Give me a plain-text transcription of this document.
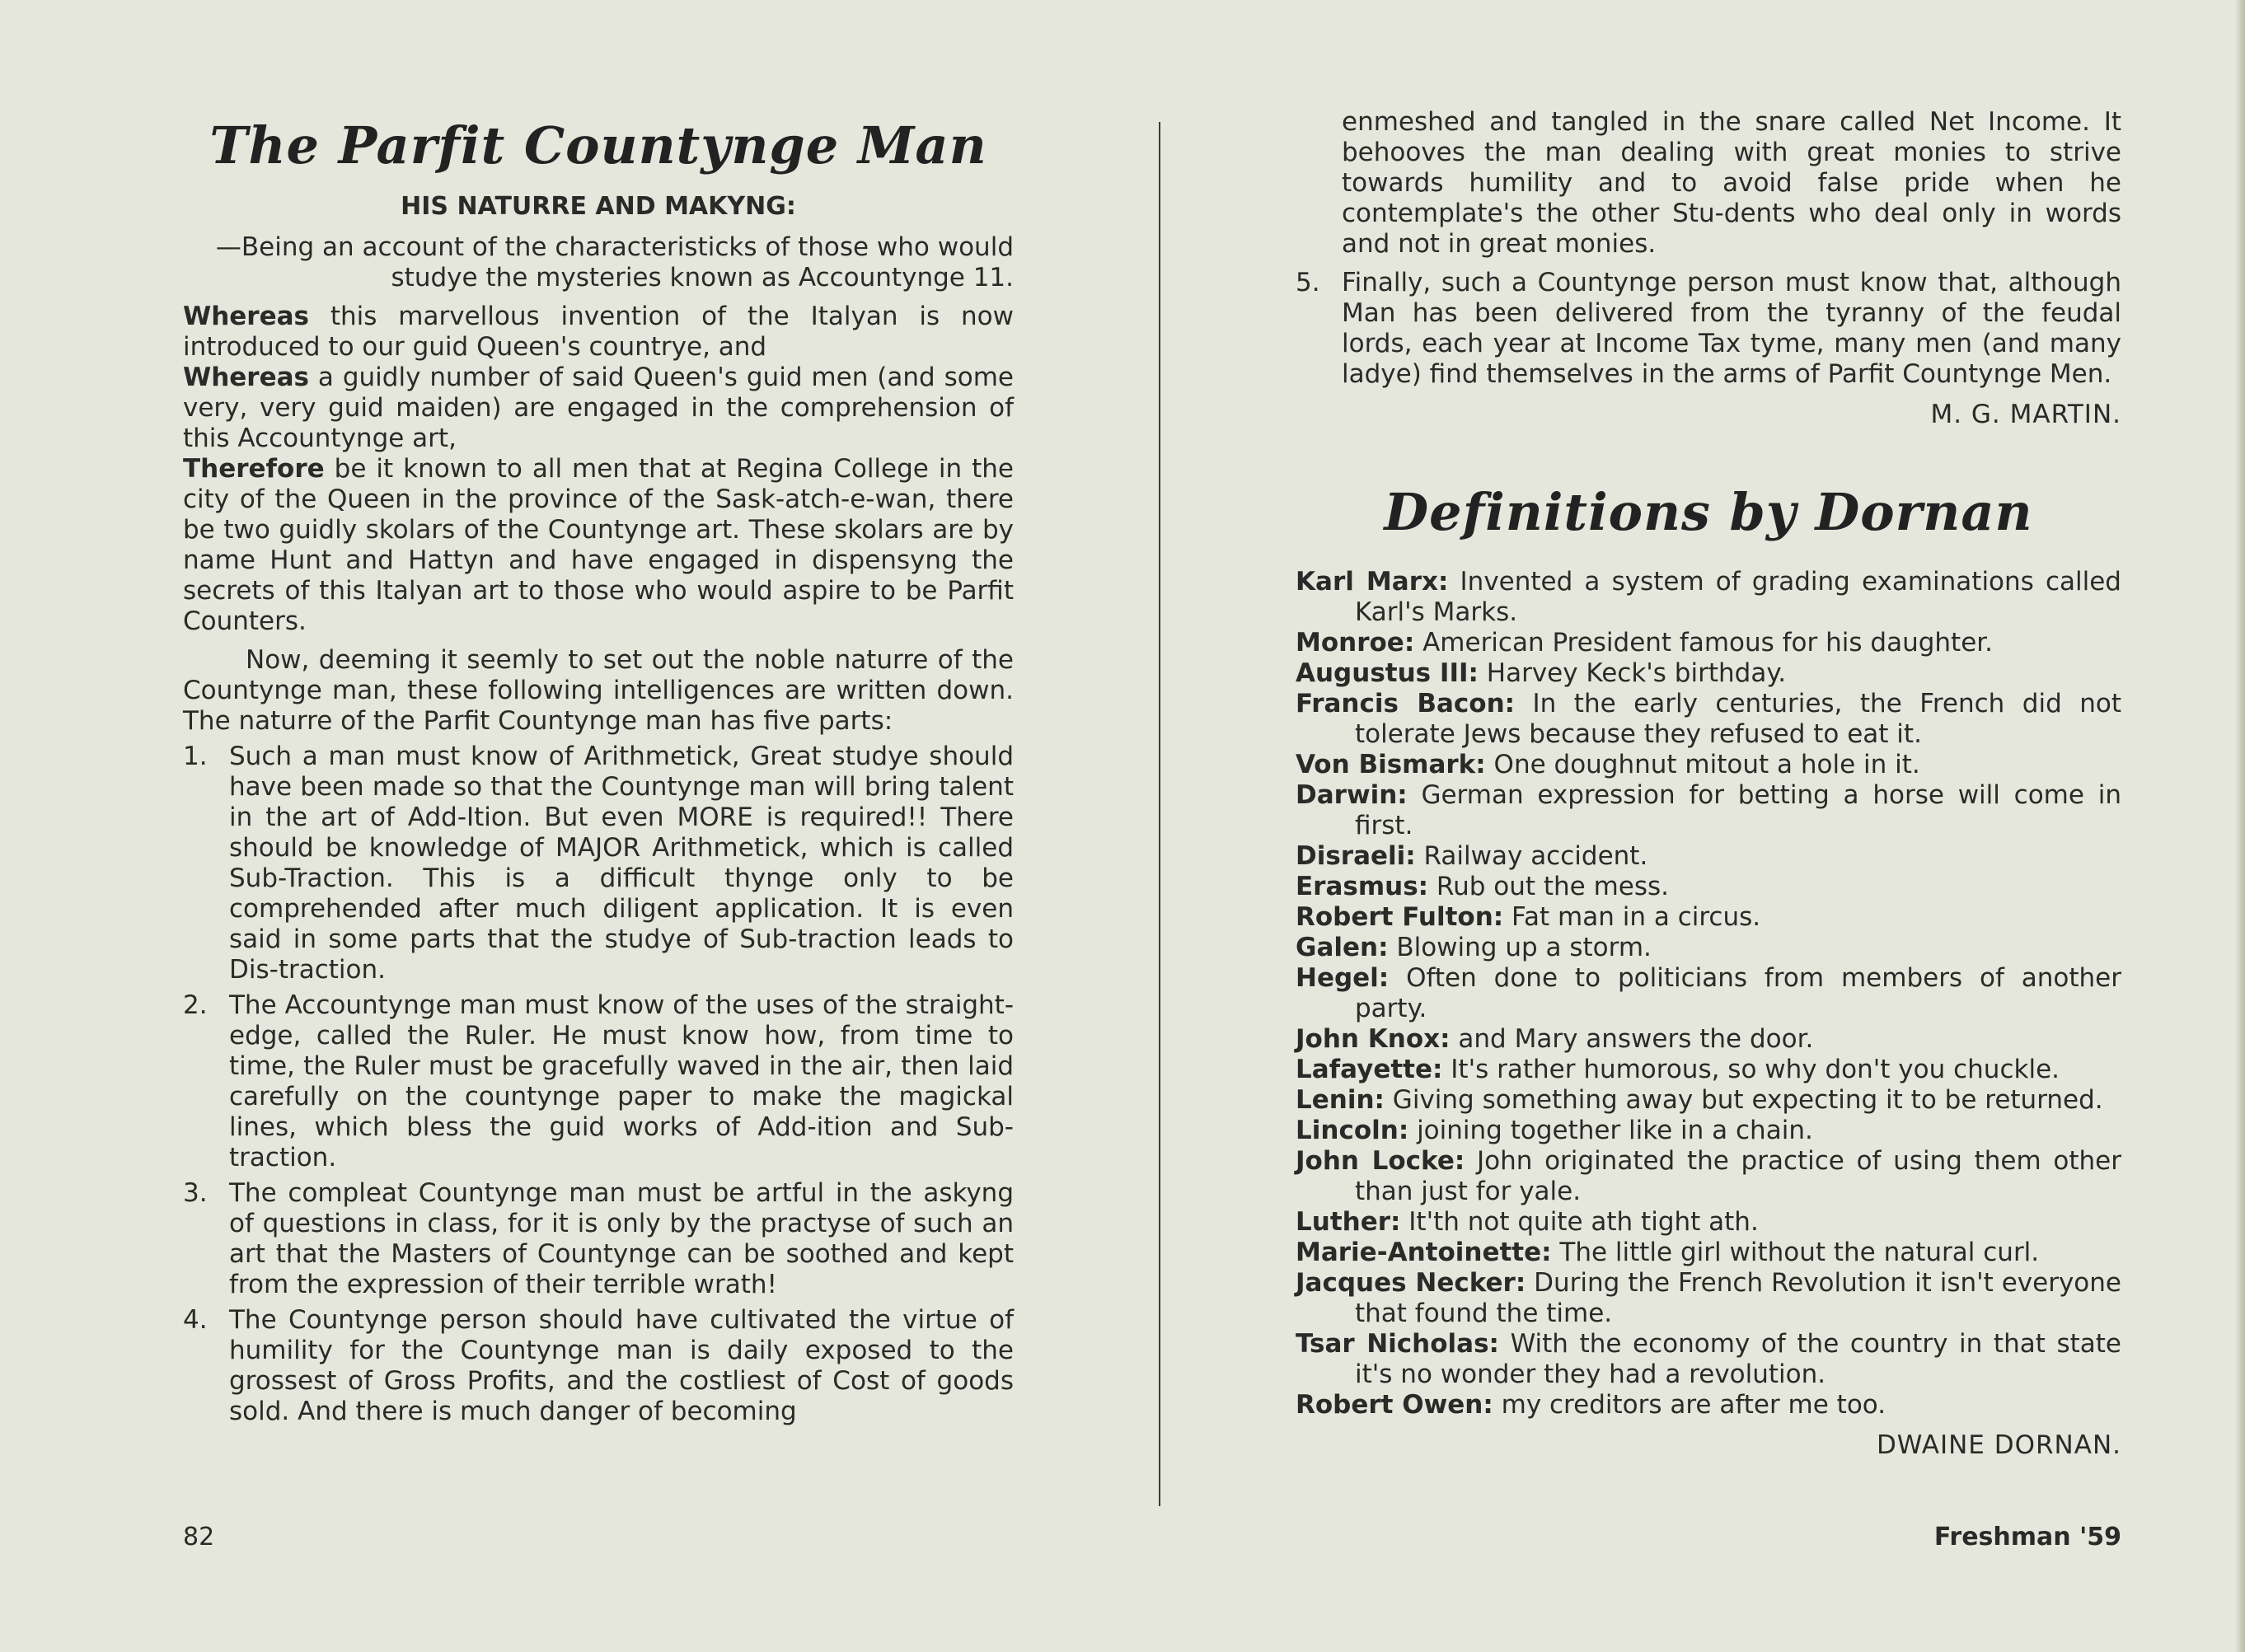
The Parfit Countynge Man
HIS NATURRE AND MAKYNG:
—Being an account of the characteristicks of those who would studye the mysteries known as Accountynge 11.

Whereas this marvellous invention of the Italyan is now introduced to our guid Queen's countrye, and

Whereas a guidly number of said Queen's guid men (and some very, very guid maiden) are engaged in the comprehension of this Accountynge art,

Therefore be it known to all men that at Regina College in the city of the Queen in the province of the Sask-atch-e-wan, there be two guidly skolars of the Countynge art. These skolars are by name Hunt and Hattyn and have engaged in dispensyng the secrets of this Italyan art to those who would aspire to be Parfit Counters.

Now, deeming it seemly to set out the noble naturre of the Countynge man, these following intelligences are written down. The naturre of the Parfit Countynge man has five parts:

1. Such a man must know of Arithmetick, Great studye should have been made so that the Countynge man will bring talent in the art of Add-Ition. But even MORE is required!! There should be knowledge of MAJOR Arithmetick, which is called Sub-Traction. This is a difficult thynge only to be comprehended after much diligent application. It is even said in some parts that the studye of Sub-traction leads to Dis-traction.
2. The Accountynge man must know of the uses of the straight-edge, called the Ruler. He must know how, from time to time, the Ruler must be gracefully waved in the air, then laid carefully on the countynge paper to make the magickal lines, which bless the guid works of Add-ition and Sub-traction.
3. The compleat Countynge man must be artful in the askyng of questions in class, for it is only by the practyse of such an art that the Masters of Countynge can be soothed and kept from the expression of their terrible wrath!
4. The Countynge person should have cultivated the virtue of humility for the Countynge man is daily exposed to the grossest of Gross Profits, and the costliest of Cost of goods sold. And there is much danger of becoming

enmeshed and tangled in the snare called Net Income. It behooves the man dealing with great monies to strive towards humility and to avoid false pride when he contemplate's the other Stu-dents who deal only in words and not in great monies.

5. Finally, such a Countynge person must know that, although Man has been delivered from the tyranny of the feudal lords, each year at Income Tax tyme, many men (and many ladye) find themselves in the arms of Parfit Countynge Men.
M. G. MARTIN.
Definitions by Dornan
Karl Marx: Invented a system of grading examinations called Karl's Marks.
Monroe: American President famous for his daughter.
Augustus III: Harvey Keck's birthday.
Francis Bacon: In the early centuries, the French did not tolerate Jews because they refused to eat it.
Von Bismark: One doughnut mitout a hole in it.
Darwin: German expression for betting a horse will come in first.
Disraeli: Railway accident.
Erasmus: Rub out the mess.
Robert Fulton: Fat man in a circus.
Galen: Blowing up a storm.
Hegel: Often done to politicians from members of another party.
John Knox: and Mary answers the door.
Lafayette: It's rather humorous, so why don't you chuckle.
Lenin: Giving something away but expecting it to be returned.
Lincoln: joining together like in a chain.
John Locke: John originated the practice of using them other than just for yale.
Luther: It'th not quite ath tight ath.
Marie-Antoinette: The little girl without the natural curl.
Jacques Necker: During the French Revolution it isn't everyone that found the time.
Tsar Nicholas: With the economy of the country in that state it's no wonder they had a revolution.
Robert Owen: my creditors are after me too.
DWAINE DORNAN.
82	Freshman '59
